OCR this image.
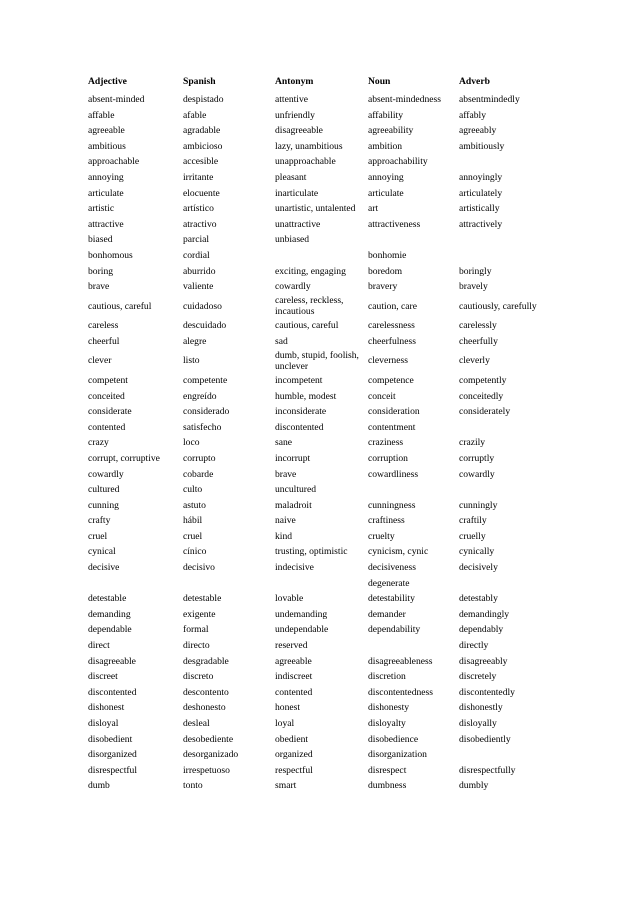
Adjective	Spanish	Antonym	Noun	Adverb
absent-minded	despistado	attentive	absent-mindedness	absentmindedly
affable	afable	unfriendly	affability	affably
agreeable	agradable	disagreeable	agreeability	agreeably
ambitious	ambicioso	lazy, unambitious	ambition	ambitiously
approachable	accesible	unapproachable	approachability	
annoying	irritante	pleasant	annoying	annoyingly
articulate	elocuente	inarticulate	articulate	articulately
artistic	artístico	unartistic, untalented	art	artistically
attractive	atractivo	unattractive	attractiveness	attractively
biased	parcial	unbiased		
bonhomous	cordial		bonhomie	
boring	aburrido	exciting, engaging	boredom	boringly
brave	valiente	cowardly	bravery	bravely
cautious, careful	cuidadoso	careless, reckless, incautious	caution, care	cautiously, carefully
careless	descuidado	cautious, careful	carelessness	carelessly
cheerful	alegre	sad	cheerfulness	cheerfully
clever	listo	dumb, stupid, foolish, unclever	cleverness	cleverly
competent	competente	incompetent	competence	competently
conceited	engreído	humble, modest	conceit	conceitedly
considerate	considerado	inconsiderate	consideration	considerately
contented	satisfecho	discontented	contentment	
crazy	loco	sane	craziness	crazily
corrupt, corruptive	corrupto	incorrupt	corruption	corruptly
cowardly	cobarde	brave	cowardliness	cowardly
cultured	culto	uncultured		
cunning	astuto	maladroit	cunningness	cunningly
crafty	hábil	naive	craftiness	craftily
cruel	cruel	kind	cruelty	cruelly
cynical	cínico	trusting, optimistic	cynicism, cynic	cynically
decisive	decisivo	indecisive	decisiveness	decisively
			degenerate	
detestable	detestable	lovable	detestability	detestably
demanding	exigente	undemanding	demander	demandingly
dependable	formal	undependable	dependability	dependably
direct	directo	reserved		directly
disagreeable	desgradable	agreeable	disagreeableness	disagreeably
discreet	discreto	indiscreet	discretion	discretely
discontented	descontento	contented	discontentedness	discontentedly
dishonest	deshonesto	honest	dishonesty	dishonestly
disloyal	desleal	loyal	disloyalty	disloyally
disobedient	desobediente	obedient	disobedience	disobediently
disorganized	desorganizado	organized	disorganization	
disrespectful	irrespetuoso	respectful	disrespect	disrespectfully
dumb	tonto	smart	dumbness	dumbly
